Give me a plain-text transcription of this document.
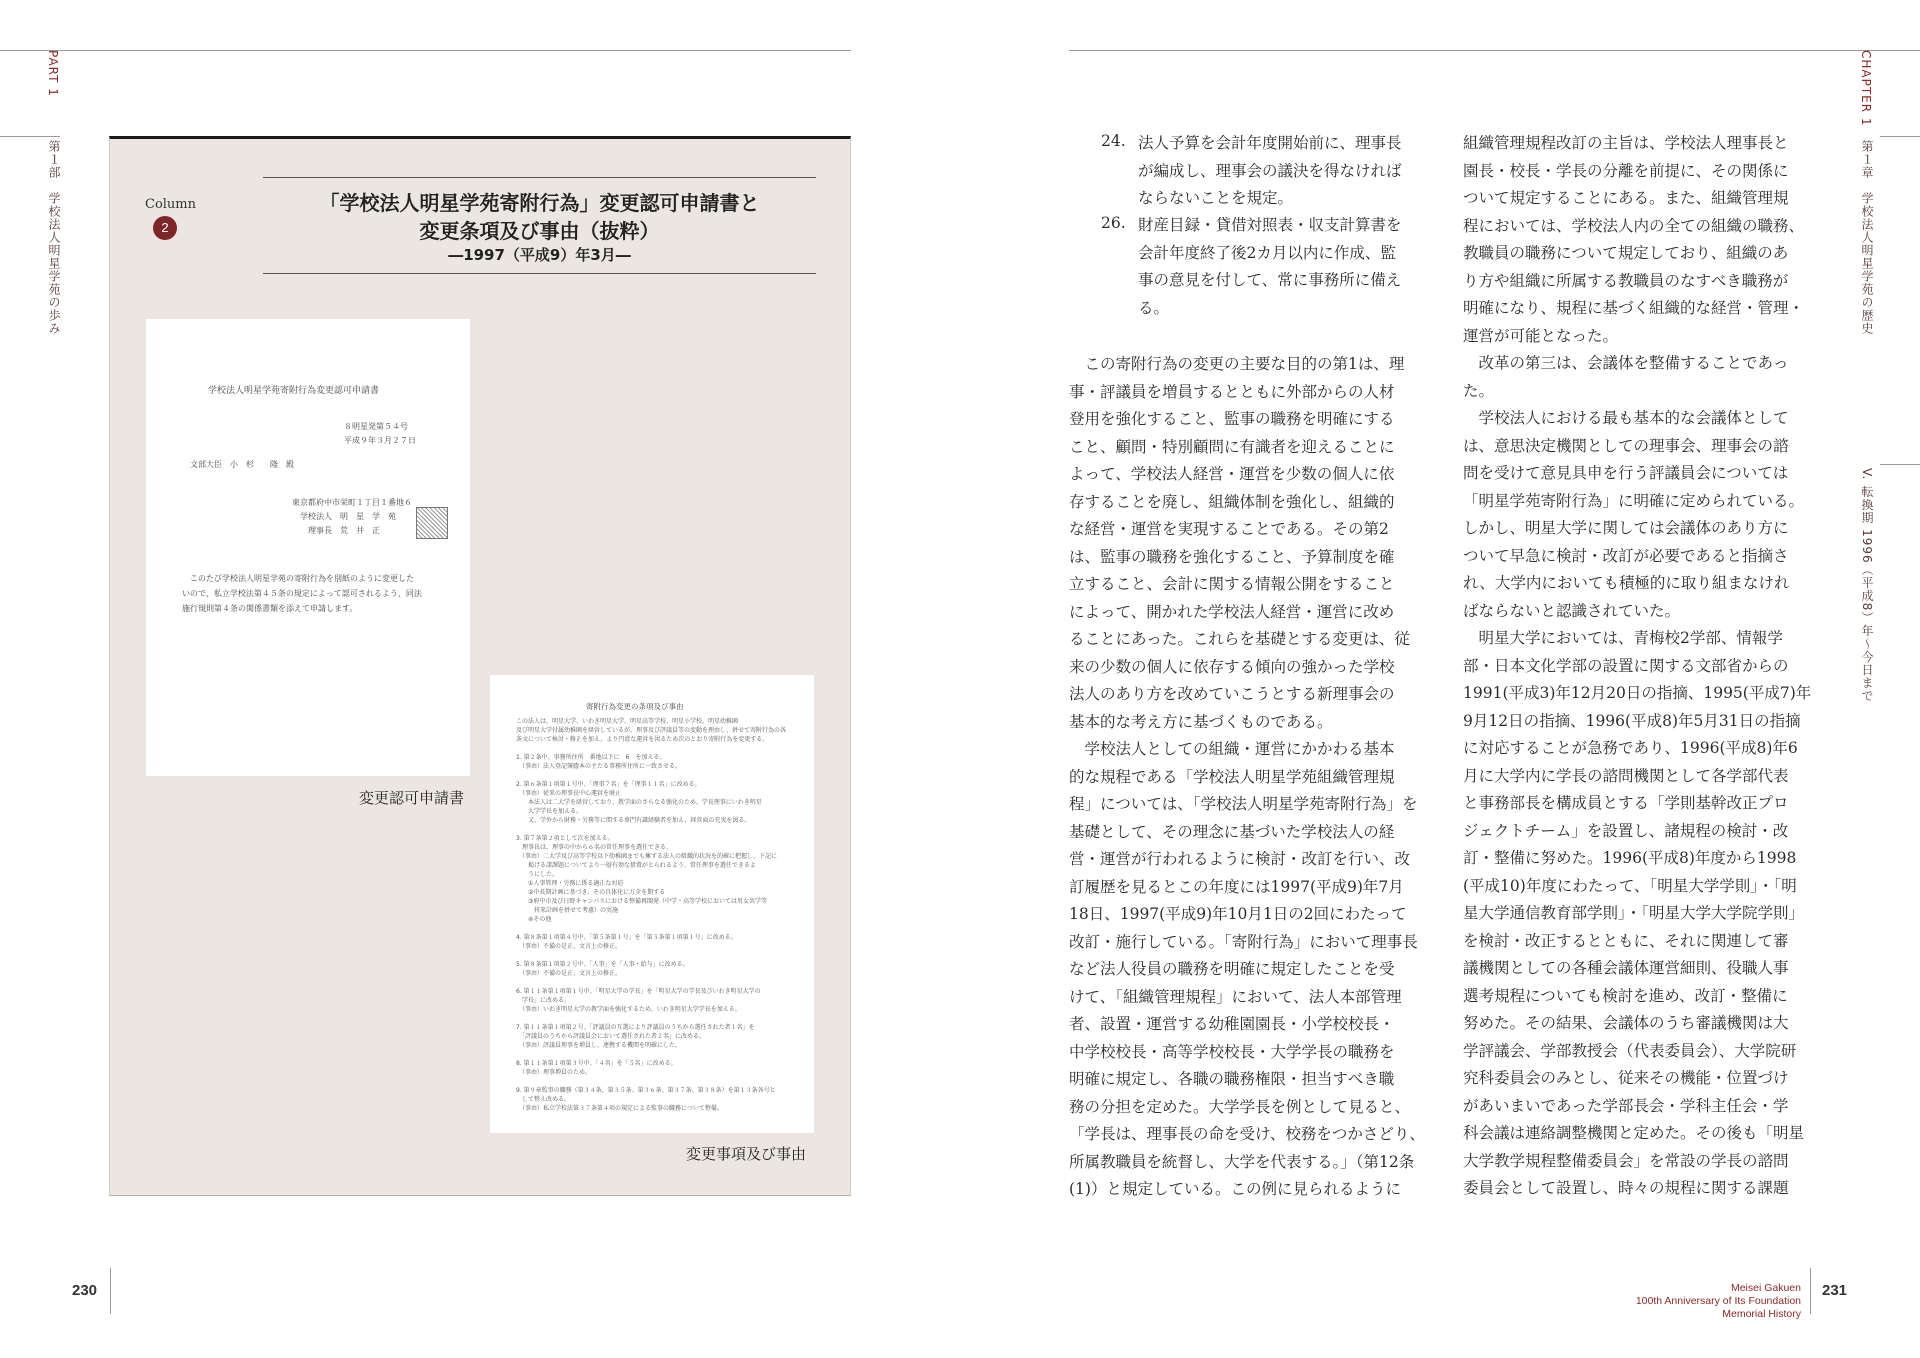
PART 1
第１部　学校法人明星学苑の歩み	Column
2
「学校法人明星学苑寄附行為」変更認可申請書と
変更条項及び事由（抜粋）
―1997（平成9）年3月―
学校法人明星学苑寄附行為変更認可申請書
８明星発第５４号
平成９年３月２７日
文部大臣　小　杉　　隆　殿
東京都府中市栄町１丁目１番地６
学校法人　明　星　学　苑
理事長　荒　井　正
このたび学校法人明星学苑の寄附行為を別紙のように変更した
いので、私立学校法第４５条の規定によって認可されるよう、同法
施行規則第４条の関係書類を添えて申請します。
変更認可申請書
寄附行為変更の条項及び事由
この法人は、明星大学、いわき明星大学、明星高等学校、明星小学校、明星幼稚園
及び明星大学付属幼稚園を経営しているが、理事及び評議員等の変動を理由し、併せて寄附行為の各
条文について検討・修正を加え、より円滑な運営を図るため次のとおり寄附行為を変更する。

1. 第２条中、事務所住所　番地以下に　6　を加える。
　（事由）法人登記簿謄本の主たる事務所住所に一致させる。

2. 第６条第１項第１号中、「理事７名」を「理事１１名」に改める。
　（事由）従来の理事長中心運営を廃止
　　本法人は二大学を経営しており、教学面のさらなる強化のため、学長理事にいわき明星
　　大学学長を加える。
　　又、学外から財務・労務等に関する専門有識経験者を加え、経営面の充実を図る。

3. 第７条第２項として次を加える。
　理事長は、理事の中から６名の常任理事を選任できる。
　（事由）二大学及び高等学校以下幼稚園までも擁する法人の組織的状況を的確に把握し、下記に
　　掲げる諸課題についてより一層有効な措置がとられるよう、常任理事を選任できるよ
　　うにした。
　　①人事管理・労務に係る適正な対応
　　②中長期計画に基づき、その具体化に万全を期する
　　③府中市及び日野キャンパスにおける整備再開発（中学・高等学校においては男女共学等
　　　将来計画を併せて考慮）の実施
　　④その他

4. 第８条第１項第４号中、「第５条第１号」を「第５条第１項第１号」に改める。
　（事由）不備の是正、文言上の修正。

5. 第８条第１項第２号中、「人事」を「人事・給与」に改める。
　（事由）不備の是正、文言上の修正。

6. 第１１条第１項第１号中、「明星大学の学長」を「明星大学の学長及びいわき明星大学の
　学長」に改める。
　（事由）いわき明星大学の教学面を強化するため、いわき明星大学学長を加える。

7. 第１１条第１項第２号、「評議員の互選により評議員のうちから選任された者１名」を
　「評議員のうちから評議員会において選任された者２名」に改める。
　（事由）評議員理事を増員し、連携する機関を明確にした。

8. 第１１条第１項第３号中、「４名」を「５名」に改める。
　（事由）理事増員のため。

9. 第９章監事の職務（第３４条、第３５条、第３６条、第３７条、第３８条）を第１３条各号と
　して整え改める。
　（事由）私立学校法第３７条第４項の規定による監事の職務について整備。
変更事項及び事由
230
CHAPTER 1
第１章　学校法人明星学苑の歴史
V. 転換期 1996（平成8）年〜今日まで
24. 法人予算を会計年度開始前に、理事長
が編成し、理事会の議決を得なければ
ならないことを規定。
26. 財産目録・貸借対照表・収支計算書を
会計年度終了後2カ月以内に作成、監
事の意見を付して、常に事務所に備え
る。
　この寄附行為の変更の主要な目的の第1は、理
事・評議員を増員するとともに外部からの人材
登用を強化すること、監事の職務を明確にする
こと、顧問・特別顧問に有識者を迎えることに
よって、学校法人経営・運営を少数の個人に依
存することを廃し、組織体制を強化し、組織的
な経営・運営を実現することである。その第2
は、監事の職務を強化すること、予算制度を確
立すること、会計に関する情報公開をすること
によって、開かれた学校法人経営・運営に改め
ることにあった。これらを基礎とする変更は、従
来の少数の個人に依存する傾向の強かった学校
法人のあり方を改めていこうとする新理事会の
基本的な考え方に基づくものである。
　学校法人としての組織・運営にかかわる基本
的な規程である「学校法人明星学苑組織管理規
程」については、「学校法人明星学苑寄附行為」を
基礎として、その理念に基づいた学校法人の経
営・運営が行われるように検討・改訂を行い、改
訂履歴を見るとこの年度には1997(平成9)年7月
18日、1997(平成9)年10月1日の2回にわたって
改訂・施行している。「寄附行為」において理事長
など法人役員の職務を明確に規定したことを受
けて、「組織管理規程」において、法人本部管理
者、設置・運営する幼稚園園長・小学校校長・
中学校校長・高等学校校長・大学学長の職務を
明確に規定し、各職の職務権限・担当すべき職
務の分担を定めた。大学学長を例として見ると、
「学長は、理事長の命を受け、校務をつかさどり、
所属教職員を統督し、大学を代表する。」（第12条
(1)）と規定している。この例に見られるように
組織管理規程改訂の主旨は、学校法人理事長と
園長・校長・学長の分離を前提に、その関係に
ついて規定することにある。また、組織管理規
程においては、学校法人内の全ての組織の職務、
教職員の職務について規定しており、組織のあ
り方や組織に所属する教職員のなすべき職務が
明確になり、規程に基づく組織的な経営・管理・
運営が可能となった。
　改革の第三は、会議体を整備することであっ
た。
　学校法人における最も基本的な会議体として
は、意思決定機関としての理事会、理事会の諮
問を受けて意見具申を行う評議員会については
「明星学苑寄附行為」に明確に定められている。
しかし、明星大学に関しては会議体のあり方に
ついて早急に検討・改訂が必要であると指摘さ
れ、大学内においても積極的に取り組まなけれ
ばならないと認識されていた。
　明星大学においては、青梅校2学部、情報学
部・日本文化学部の設置に関する文部省からの
1991(平成3)年12月20日の指摘、1995(平成7)年
9月12日の指摘、1996(平成8)年5月31日の指摘
に対応することが急務であり、1996(平成8)年6
月に大学内に学長の諮問機関として各学部代表
と事務部長を構成員とする「学則基幹改正プロ
ジェクトチーム」を設置し、諸規程の検討・改
訂・整備に努めた。1996(平成8)年度から1998
(平成10)年度にわたって、「明星大学学則」・「明
星大学通信教育部学則」・「明星大学大学院学則」
を検討・改正するとともに、それに関連して審
議機関としての各種会議体運営細則、役職人事
選考規程についても検討を進め、改訂・整備に
努めた。その結果、会議体のうち審議機関は大
学評議会、学部教授会（代表委員会）、大学院研
究科委員会のみとし、従来その機能・位置づけ
があいまいであった学部長会・学科主任会・学
科会議は連絡調整機関と定めた。その後も「明星
大学教学規程整備委員会」を常設の学長の諮問
委員会として設置し、時々の規程に関する課題
Meisei Gakuen
100th Anniversary of Its Foundation
Memorial History
231
